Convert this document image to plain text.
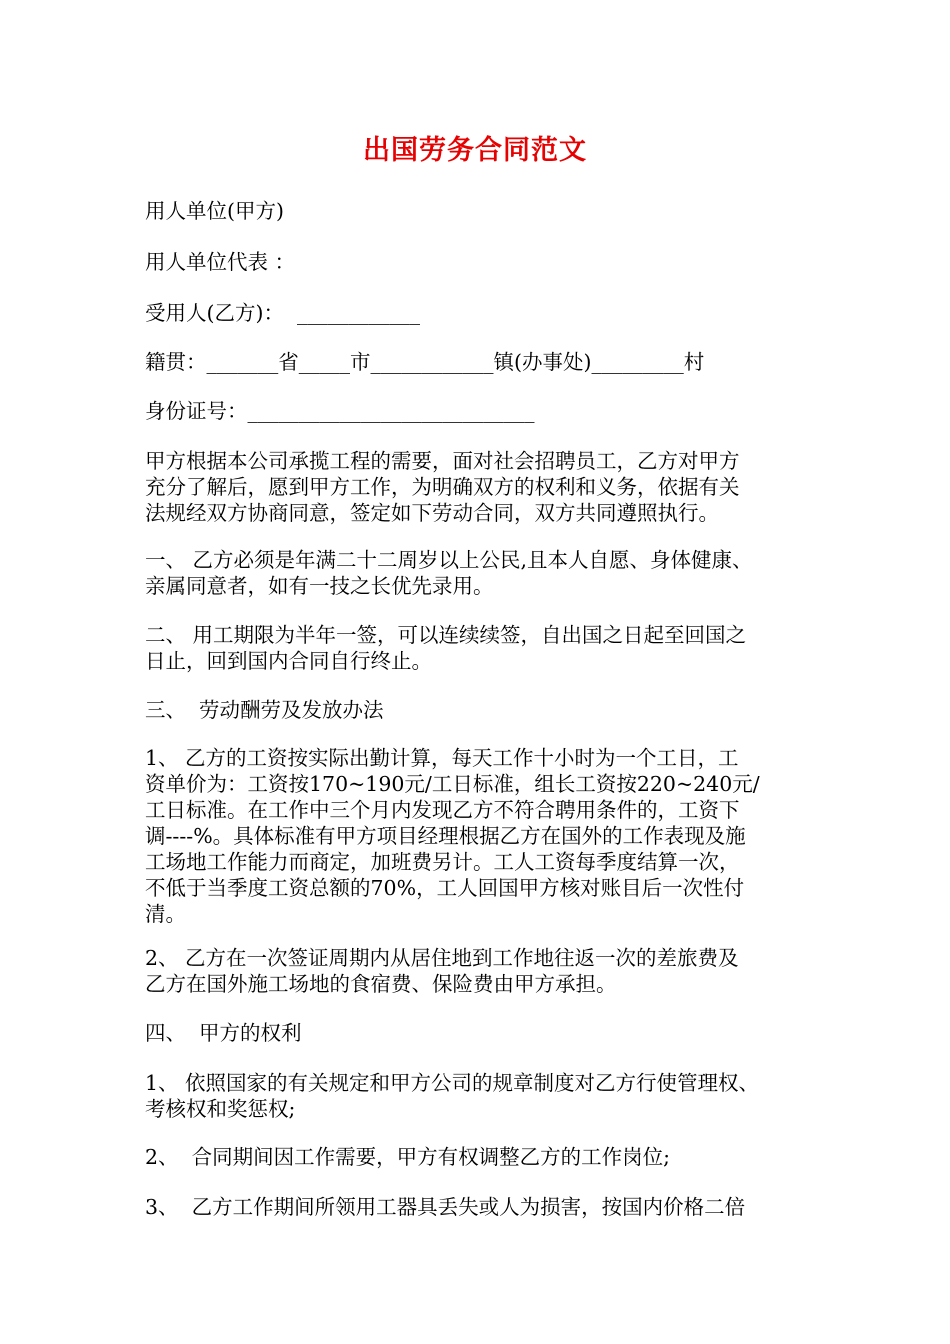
出国劳务合同范文
用人单位(甲方)
用人单位代表 ：
受用人(乙方)：  ____________
籍贯：_______省_____市____________镇(办事处)_________村
身份证号：____________________________

甲方根据本公司承揽工程的需要，面对社会招聘员工，乙方对甲方

充分了解后，愿到甲方工作，为明确双方的权利和义务，依据有关

法规经双方协商同意，签定如下劳动合同，双方共同遵照执行。

一、 乙方必须是年满二十二周岁以上公民,且本人自愿、身体健康、

亲属同意者，如有一技之长优先录用。

二、 用工期限为半年一签，可以连续续签，自出国之日起至回国之

日止，回到国内合同自行终止。

三、  劳动酬劳及发放办法

1、 乙方的工资按实际出勤计算，每天工作十小时为一个工日，工

资单价为：工资按170~190元/工日标准，组长工资按220~240元/

工日标准。在工作中三个月内发现乙方不符合聘用条件的，工资下

调----%。具体标准有甲方项目经理根据乙方在国外的工作表现及施

工场地工作能力而商定，加班费另计。工人工资每季度结算一次，

不低于当季度工资总额的70%，工人回国甲方核对账目后一次性付

清。

2、 乙方在一次签证周期内从居住地到工作地往返一次的差旅费及

乙方在国外施工场地的食宿费、保险费由甲方承担。

四、  甲方的权利

1、 依照国家的有关规定和甲方公司的规章制度对乙方行使管理权、

考核权和奖惩权;

2、  合同期间因工作需要，甲方有权调整乙方的工作岗位;
3、  乙方工作期间所领用工器具丢失或人为损害，按国内价格二倍
